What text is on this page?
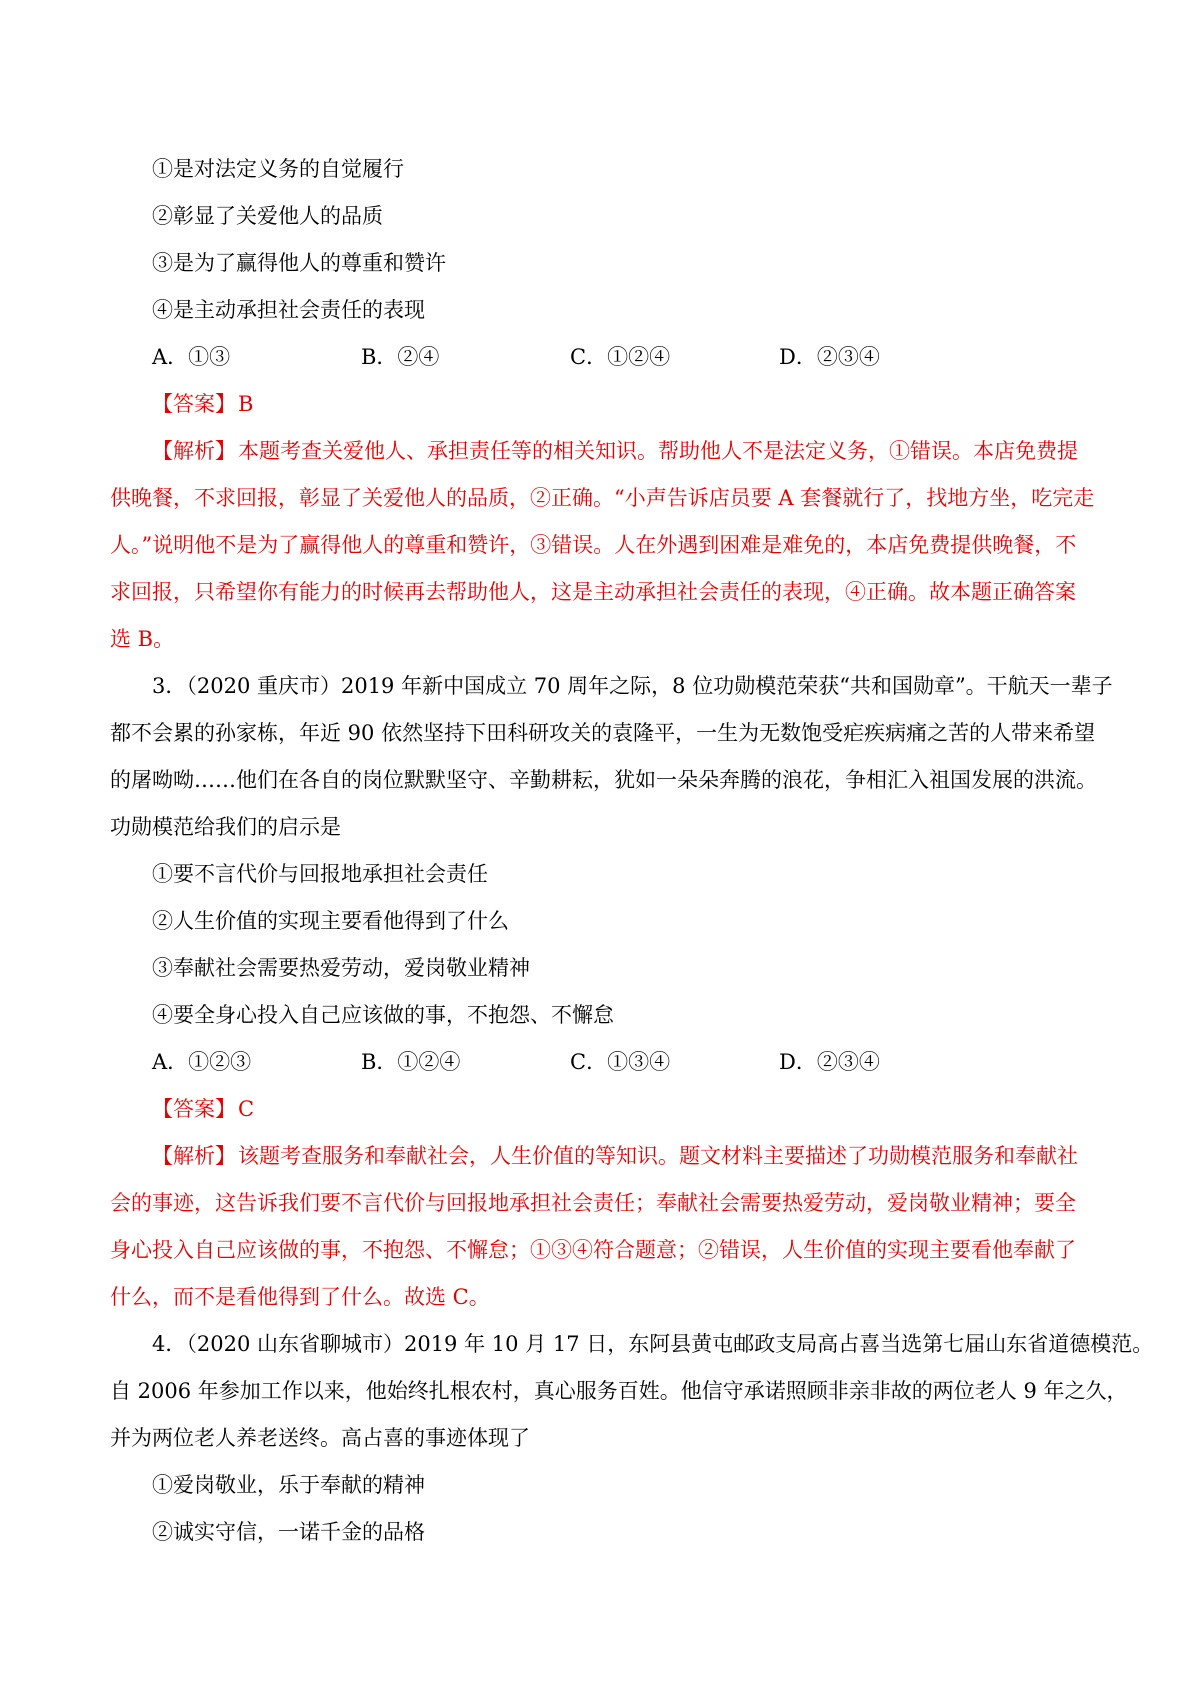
①是对法定义务的自觉履行
②彰显了关爱他人的品质
③是为了赢得他人的尊重和赞许
④是主动承担社会责任的表现
A．①③	B．②④	C．①②④	D．②③④
【答案】B
【解析】本题考查关爱他人、承担责任等的相关知识。帮助他人不是法定义务，①错误。本店免费提
供晚餐，不求回报，彰显了关爱他人的品质，②正确。“小声告诉店员要 A 套餐就行了，找地方坐，吃完走
人。”说明他不是为了赢得他人的尊重和赞许，③错误。人在外遇到困难是难免的，本店免费提供晚餐，不
求回报，只希望你有能力的时候再去帮助他人，这是主动承担社会责任的表现，④正确。故本题正确答案
选 B。
3．（2020 重庆市）2019 年新中国成立 70 周年之际，8 位功勋模范荣获“共和国勋章”。干航天一辈子
都不会累的孙家栋，年近 90 依然坚持下田科研攻关的袁隆平，一生为无数饱受疟疾病痛之苦的人带来希望
的屠呦呦……他们在各自的岗位默默坚守、辛勤耕耘，犹如一朵朵奔腾的浪花，争相汇入祖国发展的洪流。
功勋模范给我们的启示是
①要不言代价与回报地承担社会责任
②人生价值的实现主要看他得到了什么
③奉献社会需要热爱劳动，爱岗敬业精神
④要全身心投入自己应该做的事，不抱怨、不懈怠
A．①②③	B．①②④	C．①③④	D．②③④
【答案】C
【解析】该题考查服务和奉献社会，人生价值的等知识。题文材料主要描述了功勋模范服务和奉献社
会的事迹，这告诉我们要不言代价与回报地承担社会责任；奉献社会需要热爱劳动，爱岗敬业精神；要全
身心投入自己应该做的事，不抱怨、不懈怠；①③④符合题意；②错误，人生价值的实现主要看他奉献了
什么，而不是看他得到了什么。故选 C。
4．（2020 山东省聊城市）2019 年 10 月 17 日，东阿县黄屯邮政支局高占喜当选第七届山东省道德模范。
自 2006 年参加工作以来，他始终扎根农村，真心服务百姓。他信守承诺照顾非亲非故的两位老人 9 年之久，
并为两位老人养老送终。高占喜的事迹体现了
①爱岗敬业，乐于奉献的精神
②诚实守信，一诺千金的品格
